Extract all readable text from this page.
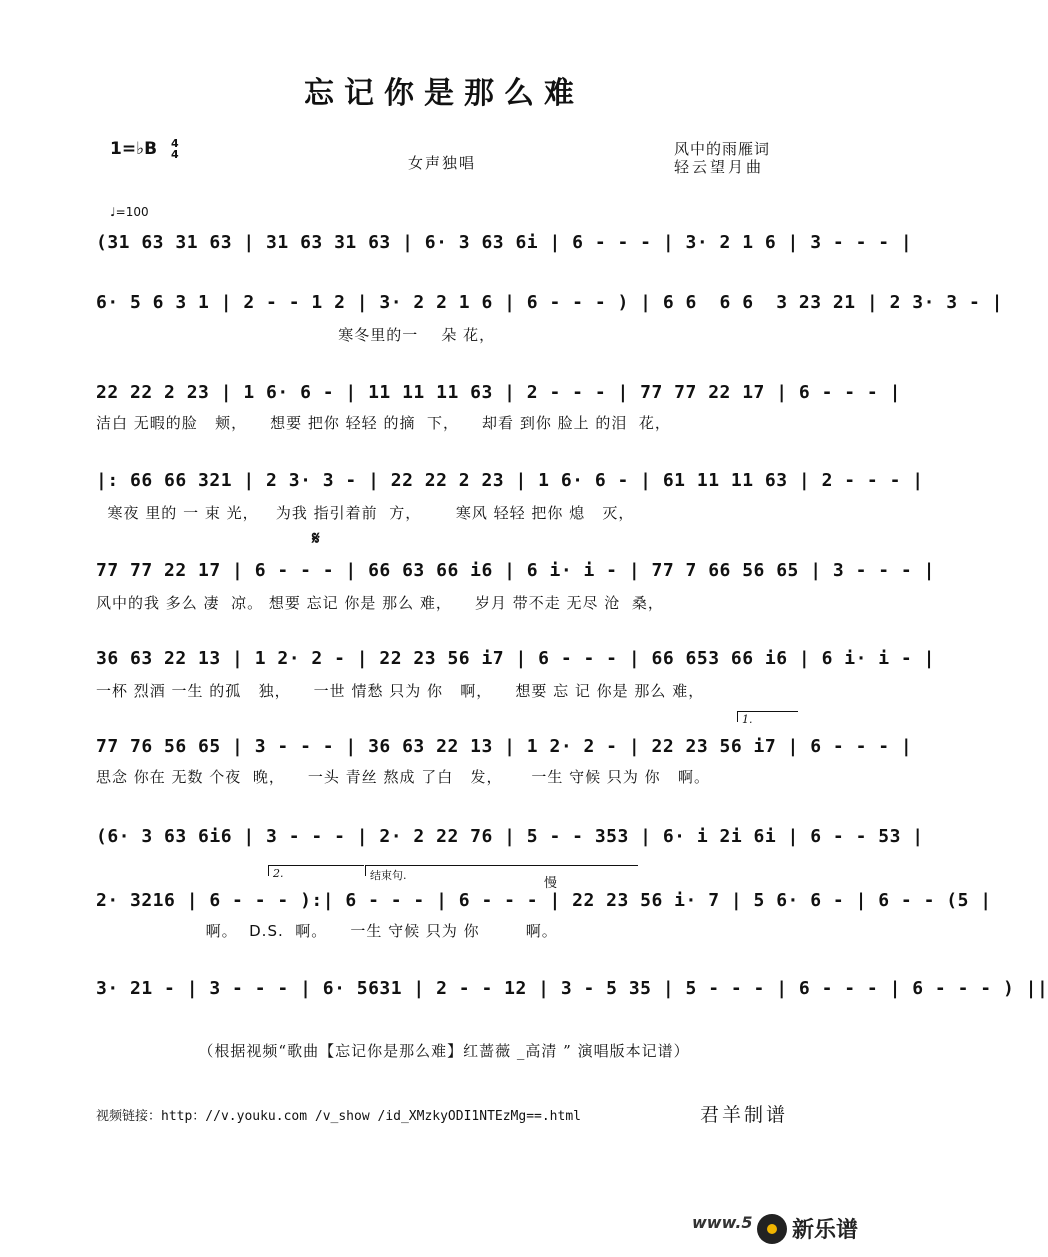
忘记你是那么难
1=♭B 4
4	女声独唱
风中的雨雁词
轻云望月曲
♩=100
(31 63 31 63 | 31 63 31 63 | 6· 3 63 6i | 6 - - - | 3· 2 1 6 | 3 - - - |
6· 5 6 3 1 | 2 - - 1 2 | 3· 2 2 1 6 | 6 - - - ) | 6 6  6 6  3 23 21 | 2 3· 3 - |
寒冬里的一    朵 花，
22 22 2 23 | 1 6· 6 - | 11 11 11 63 | 2 - - - | 77 77 22 17 | 6 - - - |
洁白 无暇的脸   颊，    想要 把你 轻轻 的摘  下，    却看 到你 脸上 的泪  花，
|: 66 66 321 | 2 3· 3 - | 22 22 2 23 | 1 6· 6 - | 61 11 11 63 | 2 - - - |
寒夜 里的 一 束 光，   为我 指引着前  方，      寒风 轻轻 把你 熄   灭，
𝄋
77 77 22 17 | 6 - - - | 66 63 66 i6 | 6 i· i - | 77 7 66 56 65 | 3 - - - |
风中的我 多么 凄  凉。 想要 忘记 你是 那么 难，    岁月 带不走 无尽 沧  桑，
36 63 22 13 | 1 2· 2 - | 22 23 56 i7 | 6 - - - | 66 653 66 i6 | 6 i· i - |
一杯 烈酒 一生 的孤   独，    一世 情愁 只为 你   啊，    想要 忘 记 你是 那么 难，
1.
77 76 56 65 | 3 - - - | 36 63 22 13 | 1 2· 2 - | 22 23 56 i7 | 6 - - - |
思念 你在 无数 个夜  晚，    一头 青丝 熬成 了白   发，     一生 守候 只为 你   啊。
(6· 3 63 6i6 | 3 - - - | 2· 2 22 76 | 5 - - 353 | 6· i 2i 6i | 6 - - 53 |
2.	结束句.
慢
2· 3216 | 6 - - - ):| 6 - - - | 6 - - - | 22 23 56 i· 7 | 5 6· 6 - | 6 - - (5 |
啊。  D.S.  啊。    一生 守候 只为 你        啊。
3· 21 - | 3 - - - | 6· 5631 | 2 - - 12 | 3 - 5 35 | 5 - - - | 6 - - - | 6 - - - ) ||
（根据视频“歌曲【忘记你是那么难】红蔷薇 _高清 ” 演唱版本记谱）
视频链接：http：//v.youku.com /v_show /id_XMzkyODI1NTEzMg==.html	君羊制谱
www.5 新乐谱
